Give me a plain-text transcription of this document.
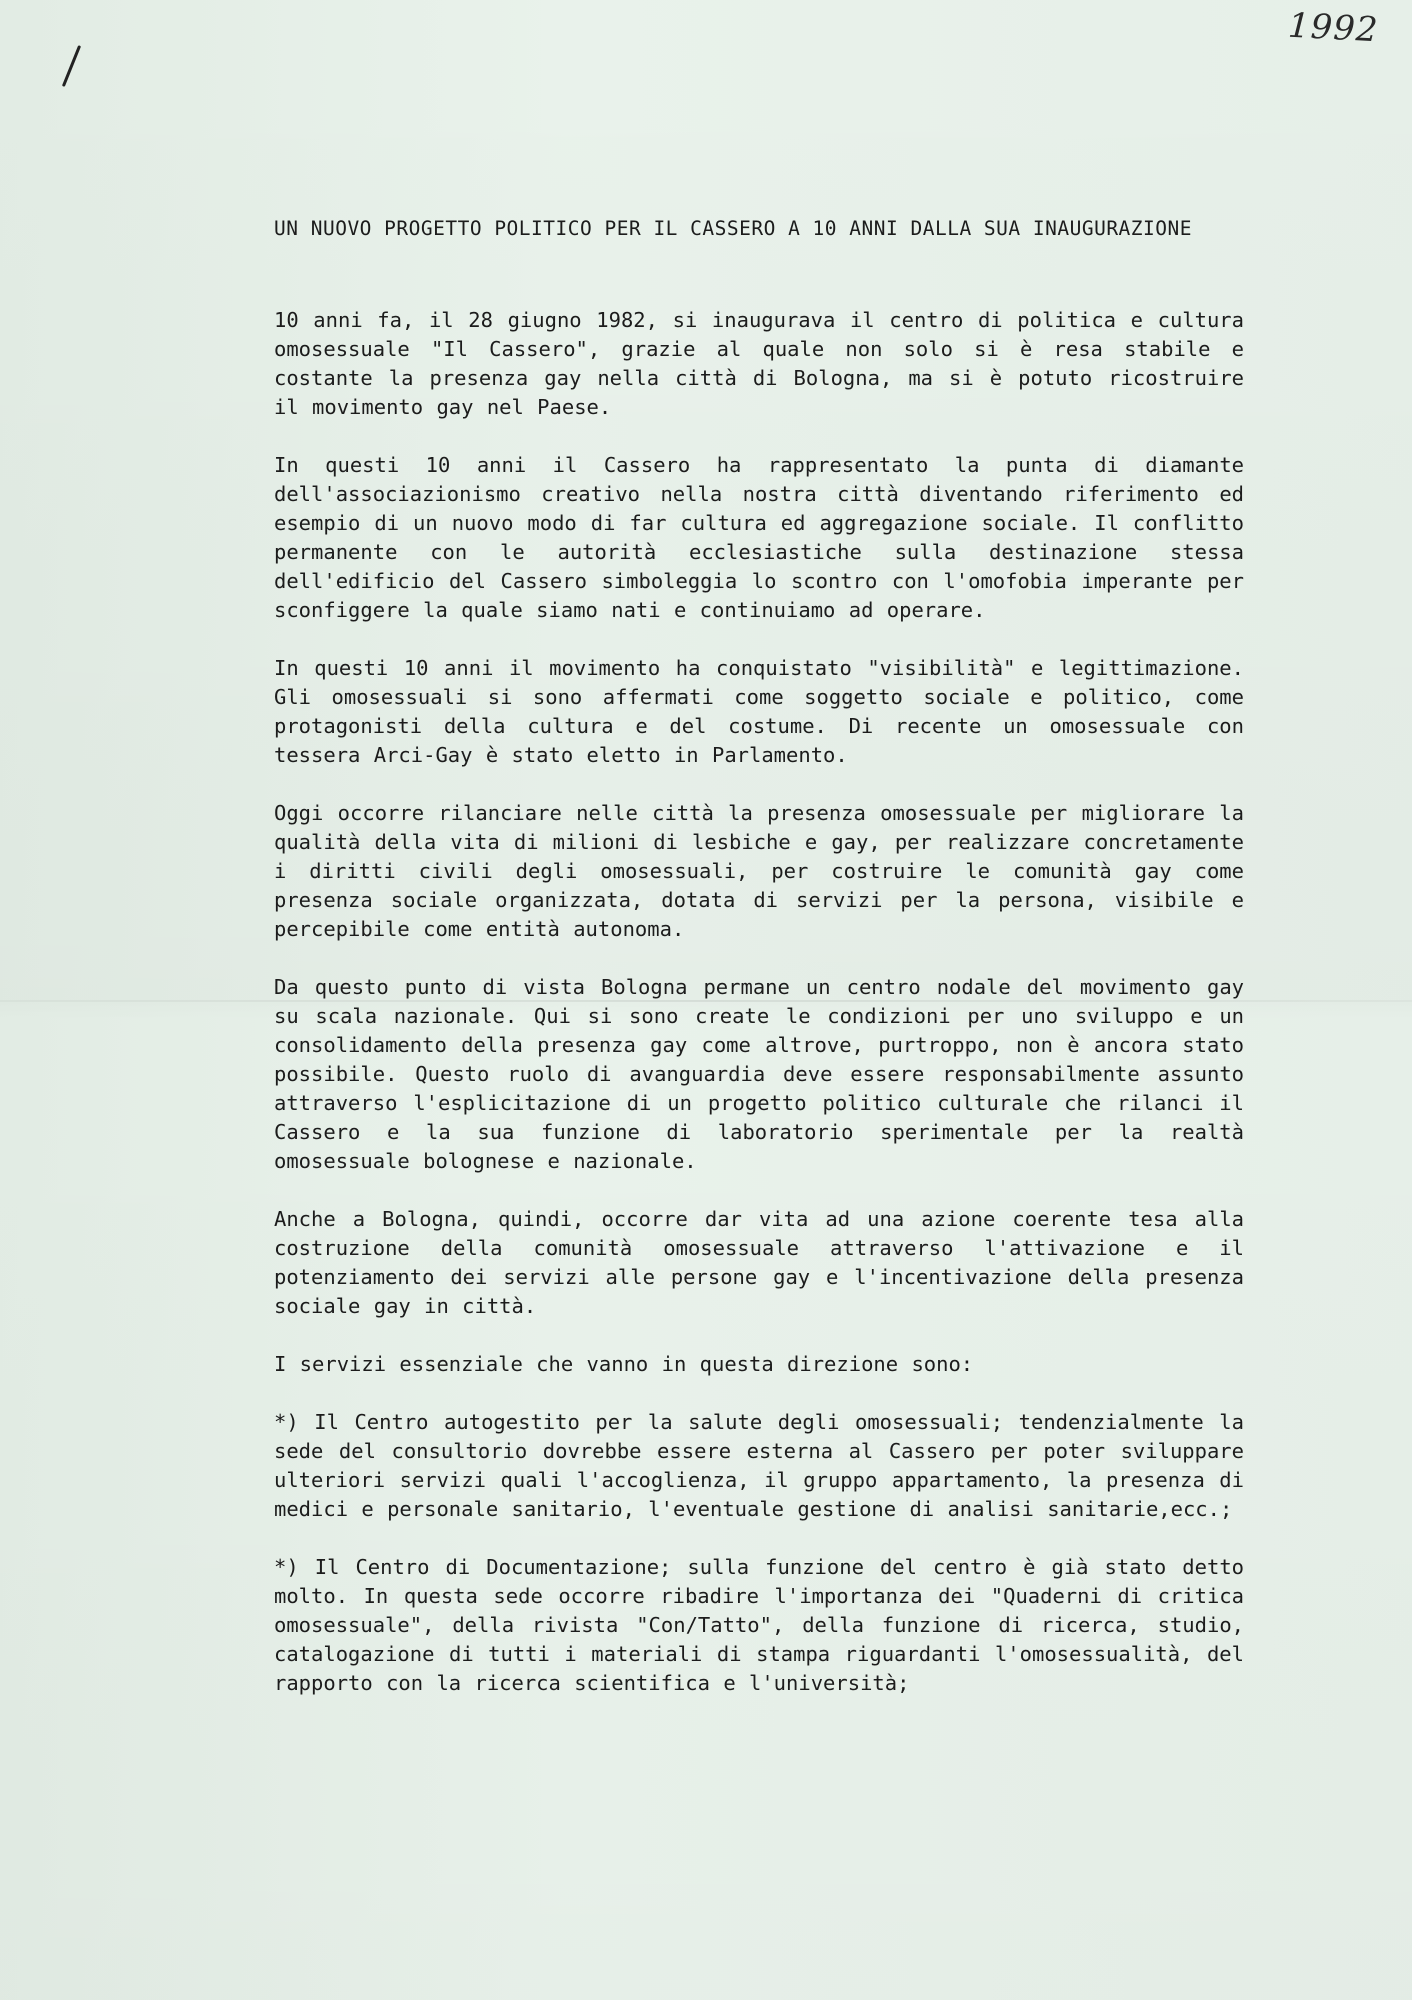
1992
UN NUOVO PROGETTO POLITICO PER IL CASSERO A 10 ANNI DALLA SUA INAUGURAZIONE

10 anni fa, il 28 giugno 1982, si inaugurava il centro di politica e cultura omosessuale "Il Cassero", grazie al quale non solo si è resa stabile e costante la presenza gay nella città di Bologna, ma si è potuto ricostruire il movimento gay nel Paese.

In questi 10 anni il Cassero ha rappresentato la punta di diamante dell'associazionismo creativo nella nostra città diventando riferimento ed esempio di un nuovo modo di far cultura ed aggregazione sociale. Il conflitto permanente con le autorità ecclesiastiche sulla destinazione stessa dell'edificio del Cassero simboleggia lo scontro con l'omofobia imperante per sconfiggere la quale siamo nati e continuiamo ad operare.

In questi 10 anni il movimento ha conquistato "visibilità" e legittimazione. Gli omosessuali si sono affermati come soggetto sociale e politico, come protagonisti della cultura e del costume. Di recente un omosessuale con tessera Arci-Gay è stato eletto in Parlamento.

Oggi occorre rilanciare nelle città la presenza omosessuale per migliorare la qualità della vita di milioni di lesbiche e gay, per realizzare concretamente i diritti civili degli omosessuali, per costruire le comunità gay come presenza sociale organizzata, dotata di servizi per la persona, visibile e percepibile come entità autonoma.

Da questo punto di vista Bologna permane un centro nodale del movimento gay su scala nazionale. Qui si sono create le condizioni per uno sviluppo e un consolidamento della presenza gay come altrove, purtroppo, non è ancora stato possibile. Questo ruolo di avanguardia deve essere responsabilmente assunto attraverso l'esplicitazione di un progetto politico culturale che rilanci il Cassero e la sua funzione di laboratorio sperimentale per la realtà omosessuale bolognese e nazionale.

Anche a Bologna, quindi, occorre dar vita ad una azione coerente tesa alla costruzione della comunità omosessuale attraverso l'attivazione e il potenziamento dei servizi alle persone gay e l'incentivazione della presenza sociale gay in città.

I servizi essenziale che vanno in questa direzione sono:

*) Il Centro autogestito per la salute degli omosessuali; tendenzialmente la sede del consultorio dovrebbe essere esterna al Cassero per poter sviluppare ulteriori servizi quali l'accoglienza, il gruppo appartamento, la presenza di medici e personale sanitario, l'eventuale gestione di analisi sanitarie,ecc.;

*) Il Centro di Documentazione; sulla funzione del centro è già stato detto molto. In questa sede occorre ribadire l'importanza dei "Quaderni di critica omosessuale", della rivista "Con/Tatto", della funzione di ricerca, studio, catalogazione di tutti i materiali di stampa riguardanti l'omosessualità, del rapporto con la ricerca scientifica e l'università;
